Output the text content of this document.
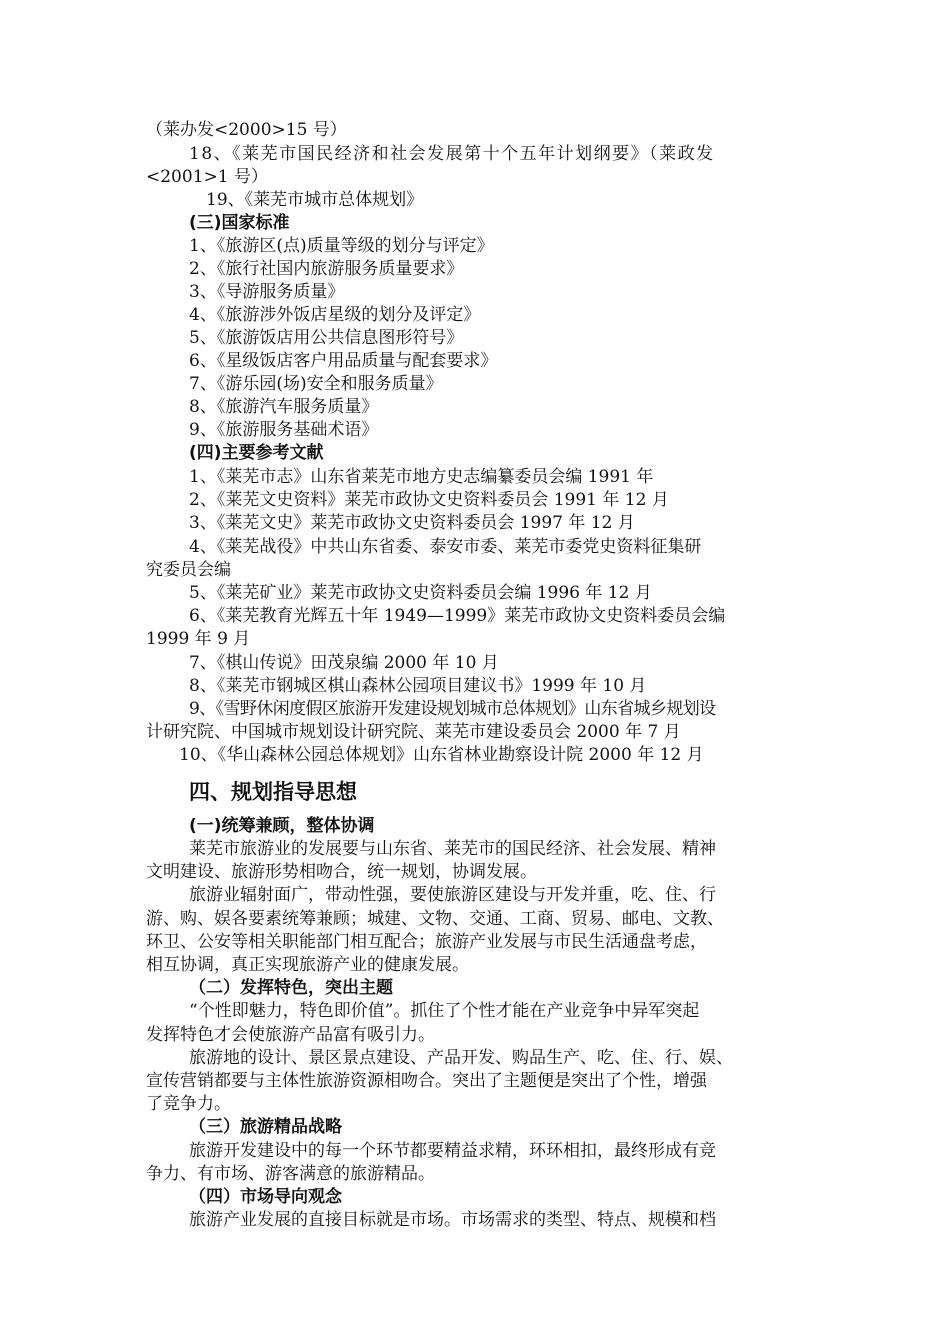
（莱办发<2000>15 号）
18、《莱芜市国民经济和社会发展第十个五年计划纲要》（莱政发
<2001>1 号）
19、《莱芜市城市总体规划》
(三)国家标准
1、《旅游区(点)质量等级的划分与评定》
2、《旅行社国内旅游服务质量要求》
3、《导游服务质量》
4、《旅游涉外饭店星级的划分及评定》
5、《旅游饭店用公共信息图形符号》
6、《星级饭店客户用品质量与配套要求》
7、《游乐园(场)安全和服务质量》
8、《旅游汽车服务质量》
9、《旅游服务基础术语》
(四)主要参考文献
1、《莱芜市志》山东省莱芜市地方史志编纂委员会编 1991 年
2、《莱芜文史资料》莱芜市政协文史资料委员会 1991 年 12 月
3、《莱芜文史》莱芜市政协文史资料委员会 1997 年 12 月
4、《莱芜战役》中共山东省委、泰安市委、莱芜市委党史资料征集研
究委员会编
5、《莱芜矿业》莱芜市政协文史资料委员会编 1996 年 12 月
6、《莱芜教育光辉五十年 1949—1999》莱芜市政协文史资料委员会编
1999 年 9 月
7、《棋山传说》田茂泉编 2000 年 10 月
8、《莱芜市钢城区棋山森林公园项目建议书》1999 年 10 月
9、《雪野休闲度假区旅游开发建设规划城市总体规划》山东省城乡规划设
计研究院、中国城市规划设计研究院、莱芜市建设委员会 2000 年 7 月
10、《华山森林公园总体规划》山东省林业勘察设计院 2000 年 12 月
四、规划指导思想
(一)统筹兼顾，整体协调
莱芜市旅游业的发展要与山东省、莱芜市的国民经济、社会发展、精神
文明建设、旅游形势相吻合，统一规划，协调发展。
旅游业辐射面广，带动性强，要使旅游区建设与开发并重，吃、住、行
游、购、娱各要素统筹兼顾；城建、文物、交通、工商、贸易、邮电、文教、
环卫、公安等相关职能部门相互配合；旅游产业发展与市民生活通盘考虑，
相互协调，真正实现旅游产业的健康发展。
（二）发挥特色，突出主题
“个性即魅力，特色即价值”。抓住了个性才能在产业竞争中异军突起
发挥特色才会使旅游产品富有吸引力。
旅游地的设计、景区景点建设、产品开发、购品生产、吃、住、行、娱、
宣传营销都要与主体性旅游资源相吻合。突出了主题便是突出了个性，增强
了竞争力。
（三）旅游精品战略
旅游开发建设中的每一个环节都要精益求精，环环相扣，最终形成有竞
争力、有市场、游客满意的旅游精品。
（四）市场导向观念
旅游产业发展的直接目标就是市场。市场需求的类型、特点、规模和档
